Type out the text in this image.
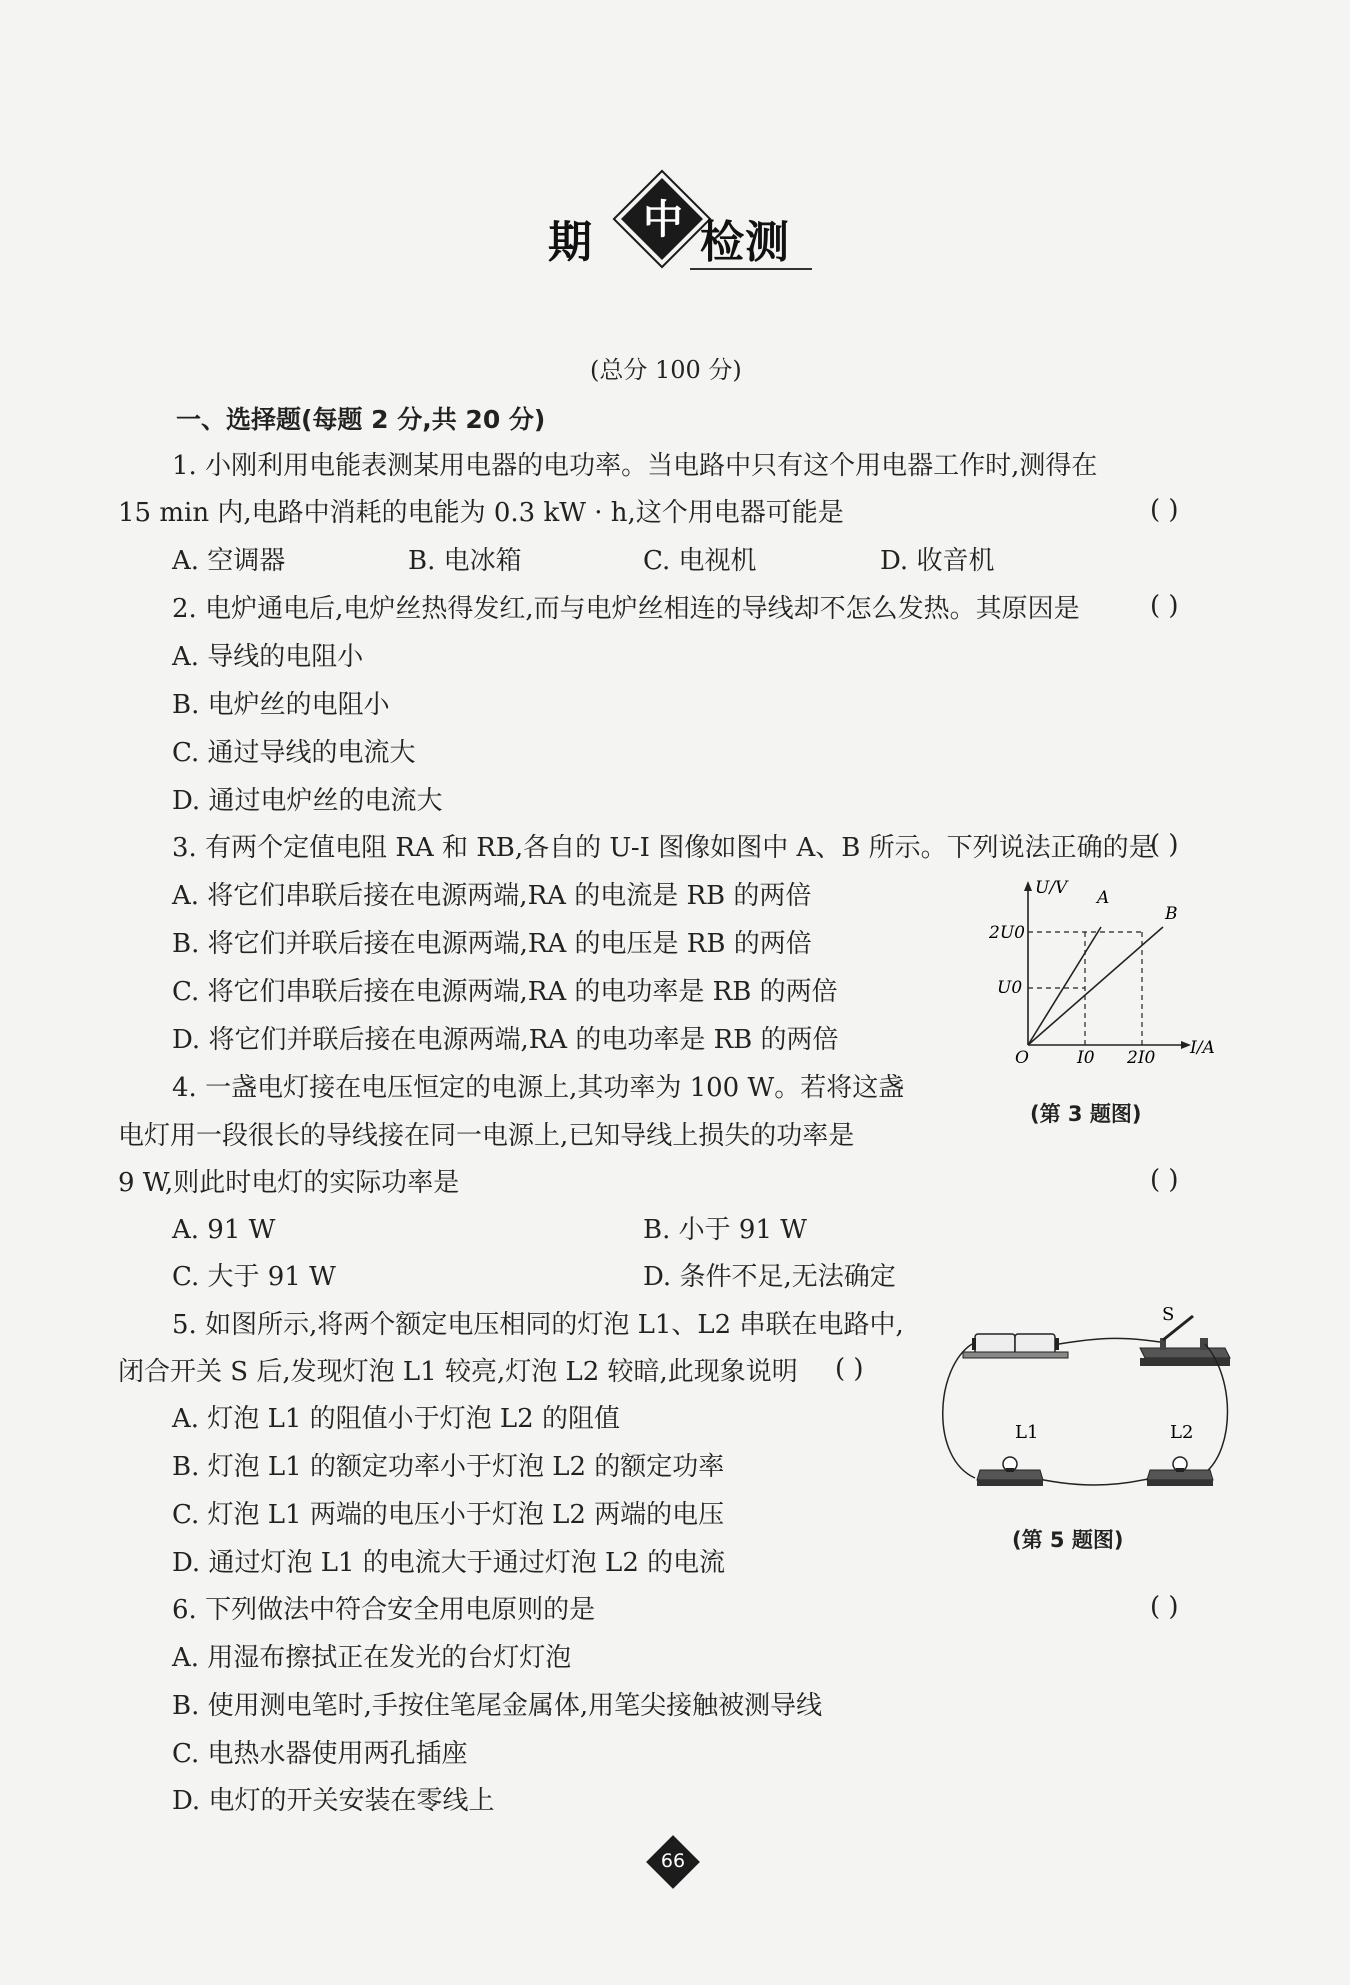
期 中 检 测
(总分 100 分)
一、选择题(每题 2 分,共 20 分)
1. 小刚利用电能表测某用电器的电功率。当电路中只有这个用电器工作时,测得在
15 min 内,电路中消耗的电能为 0.3 kW · h,这个用电器可能是	( )
A. 空调器	B. 电冰箱	C. 电视机	D. 收音机
2. 电炉通电后,电炉丝热得发红,而与电炉丝相连的导线却不怎么发热。其原因是	( )
A. 导线的电阻小
B. 电炉丝的电阻小
C. 通过导线的电流大
D. 通过电炉丝的电流大
3. 有两个定值电阻 RA 和 RB,各自的 U-I 图像如图中 A、B 所示。下列说法正确的是
( )
A. 将它们串联后接在电源两端,RA 的电流是 RB 的两倍
B. 将它们并联后接在电源两端,RA 的电压是 RB 的两倍
C. 将它们串联后接在电源两端,RA 的电功率是 RB 的两倍
D. 将它们并联后接在电源两端,RA 的电功率是 RB 的两倍
U/V
I/A
O
2U0
U0
I0 2I0
A
B
(第 3 题图)
4. 一盏电灯接在电压恒定的电源上,其功率为 100 W。若将这盏
电灯用一段很长的导线接在同一电源上,已知导线上损失的功率是
9 W,则此时电灯的实际功率是	( )
A. 91 W	B. 小于 91 W
C. 大于 91 W	D. 条件不足,无法确定
5. 如图所示,将两个额定电压相同的灯泡 L1、L2 串联在电路中,
闭合开关 S 后,发现灯泡 L1 较亮,灯泡 L2 较暗,此现象说明 ( )
A. 灯泡 L1 的阻值小于灯泡 L2 的阻值
B. 灯泡 L1 的额定功率小于灯泡 L2 的额定功率
C. 灯泡 L1 两端的电压小于灯泡 L2 两端的电压
D. 通过灯泡 L1 的电流大于通过灯泡 L2 的电流
S
L1	L2
(第 5 题图)
6. 下列做法中符合安全用电原则的是	( )
A. 用湿布擦拭正在发光的台灯灯泡
B. 使用测电笔时,手按住笔尾金属体,用笔尖接触被测导线
C. 电热水器使用两孔插座
D. 电灯的开关安装在零线上
66
